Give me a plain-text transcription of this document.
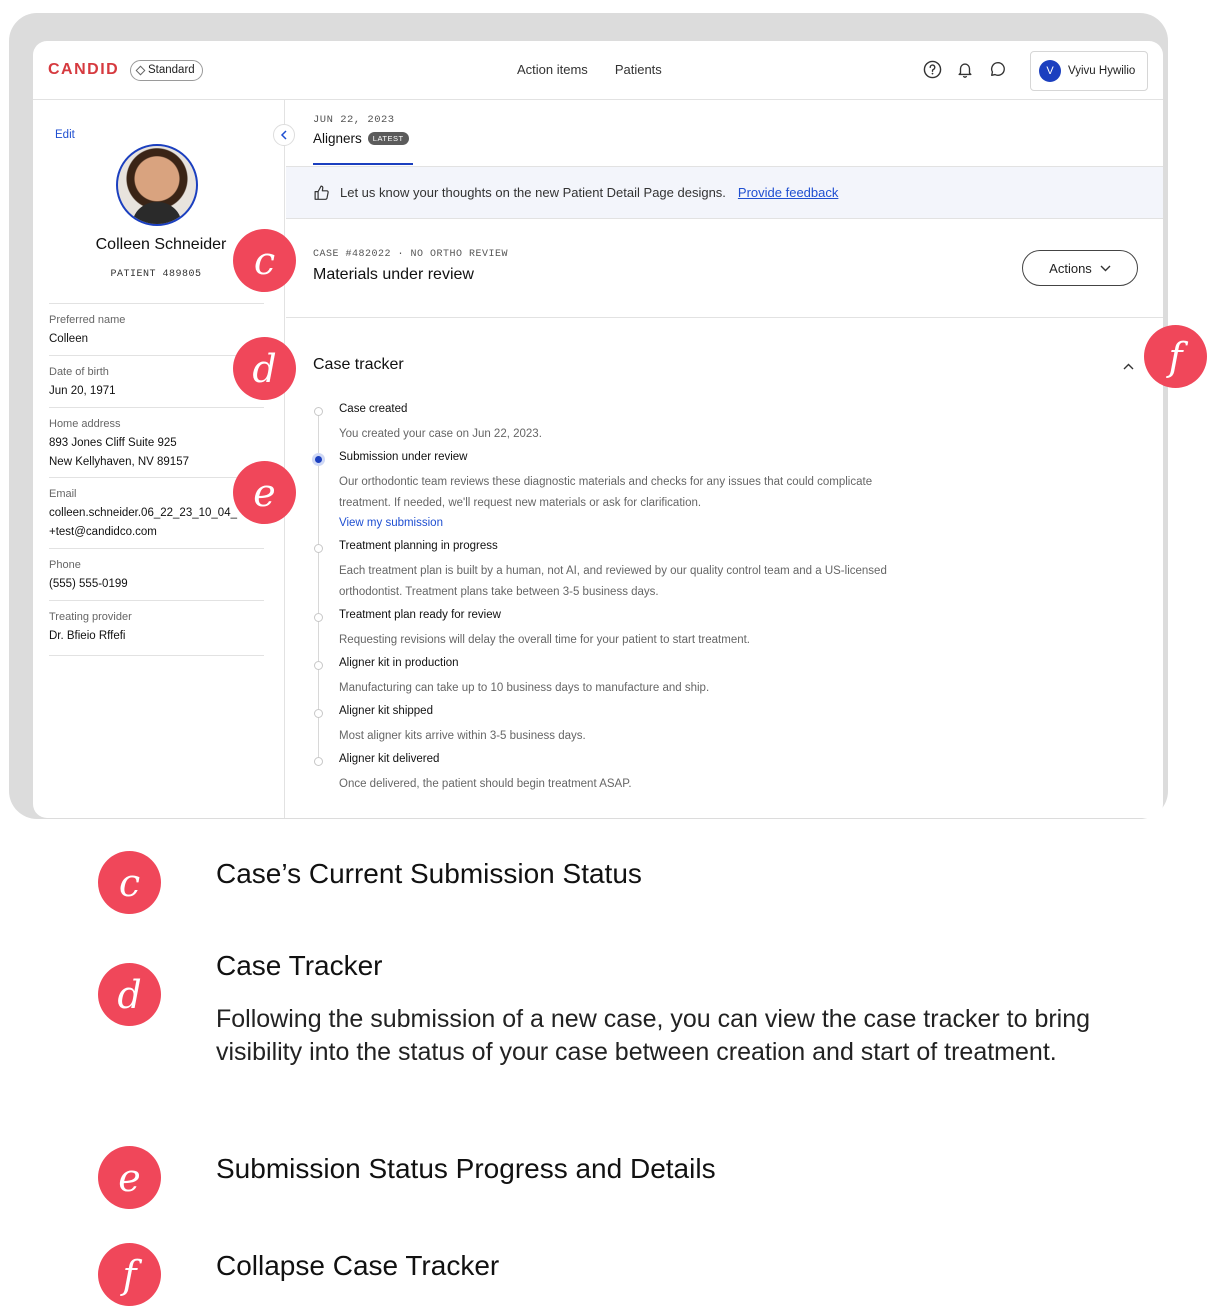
CANDID	Standard	Action items Patients	V	Vyivu Hywilio
Edit
Colleen Schneider
PATIENT 489805
Preferred name
Colleen
Date of birth
Jun 20, 1971
Home address
893 Jones Cliff Suite 925
New Kellyhaven, NV 89157
Email
colleen.schneider.06_22_23_10_04_
+test@candidco.com
Phone
(555) 555-0199
Treating provider
Dr. Bfieio Rffefi
JUN 22, 2023
Aligners	LATEST
Let us know your thoughts on the new Patient Detail Page designs. Provide feedback
CASE #482022 · NO ORTHO REVIEW
Materials under review	Actions
Case tracker
Case created
You created your case on Jun 22, 2023.
Submission under review
Our orthodontic team reviews these diagnostic materials and checks for any issues that could complicate treatment. If needed, we'll request new materials or ask for clarification.
View my submission
Treatment planning in progress
Each treatment plan is built by a human, not AI, and reviewed by our quality control team and a US-licensed orthodontist. Treatment plans take between 3-5 business days.
Treatment plan ready for review
Requesting revisions will delay the overall time for your patient to start treatment.
Aligner kit in production
Manufacturing can take up to 10 business days to manufacture and ship.
Aligner kit shipped
Most aligner kits arrive within 3-5 business days.
Aligner kit delivered
Once delivered, the patient should begin treatment ASAP.
c
d
e
f
c	Case’s Current Submission Status
d
Case Tracker
Following the submission of a new case, you can view the case tracker to bring visibility into the status of your case between creation and start of treatment.
e	Submission Status Progress and Details
f	Collapse Case Tracker
